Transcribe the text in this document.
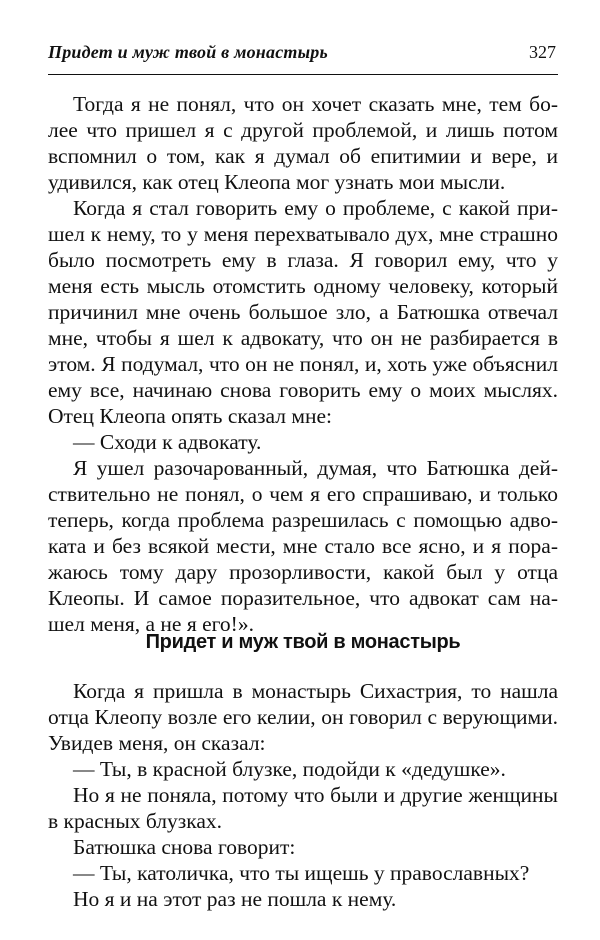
Придет и муж твой в монастырь	327

Тогда я не понял, что он хочет сказать мне, тем более что пришел я с другой проблемой, и лишь потом вспомнил о том, как я думал об епитимии и вере, и удивился, как отец Клеопа мог узнать мои мысли.

Когда я стал говорить ему о проблеме, с какой пришел к нему, то у меня перехватывало дух, мне страшно было посмотреть ему в глаза. Я говорил ему, что у меня есть мысль отомстить одному человеку, который причинил мне очень большое зло, а Батюшка отвечал мне, чтобы я шел к адвокату, что он не разбирается в этом. Я подумал, что он не понял, и, хоть уже объяснил ему все, начинаю снова говорить ему о моих мыслях. Отец Клеопа опять сказал мне:

— Сходи к адвокату.

Я ушел разочарованный, думая, что Батюшка действительно не понял, о чем я его спрашиваю, и только теперь, когда проблема разрешилась с помощью адвоката и без всякой мести, мне стало все ясно, и я поражаюсь тому дару прозорливости, какой был у отца Клеопы. И самое поразительное, что адвокат сам нашел меня, а не я его!».

Придет и муж твой в монастырь

Когда я пришла в монастырь Сихастрия, то нашла отца Клеопу возле его келии, он говорил с верующими. Увидев меня, он сказал:

— Ты, в красной блузке, подойди к «дедушке».

Но я не поняла, потому что были и другие женщины в красных блузках.

Батюшка снова говорит:

— Ты, католичка, что ты ищешь у православных?

Но я и на этот раз не пошла к нему.
